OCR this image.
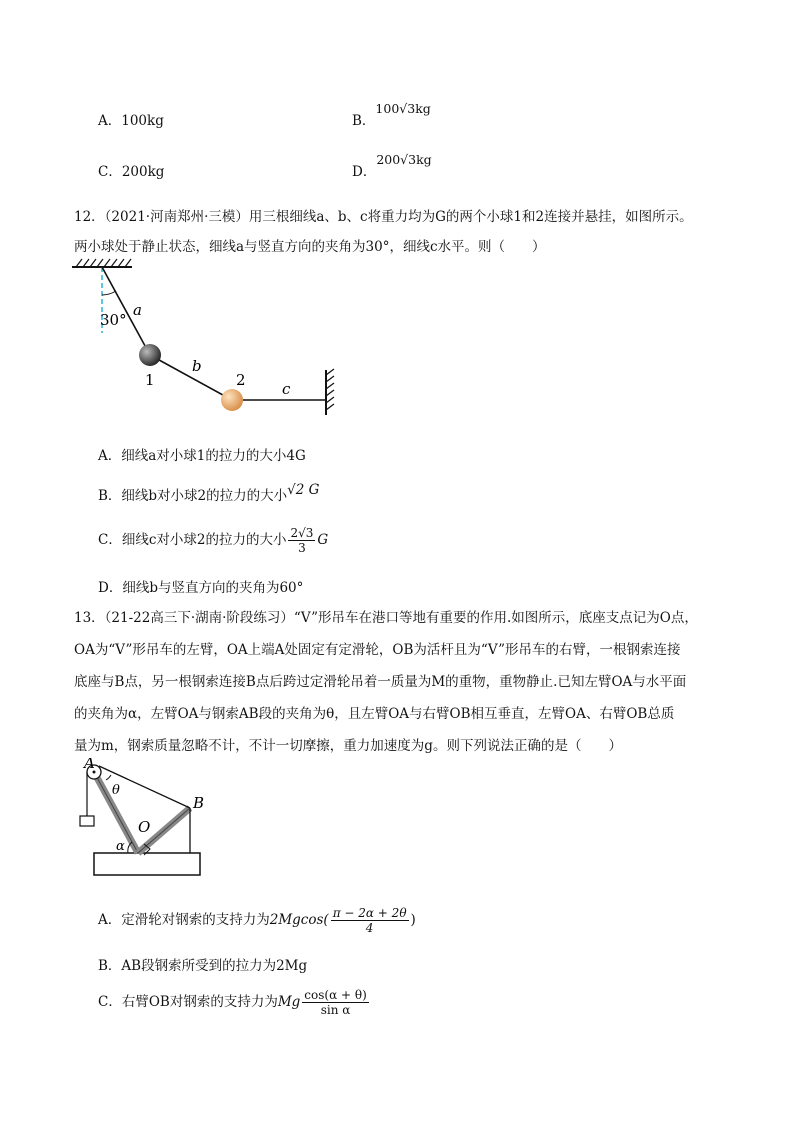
A．100kg	B．100√3kg
C．200kg	D．200√3kg
12．（2021·河南郑州·三模）用三根细线a、b、c将重力均为G的两个小球1和2连接并悬挂，如图所示。
两小球处于静止状态，细线a与竖直方向的夹角为30°，细线c水平。则（　　）
30°
a
b
c
1	2
A．细线a对小球1的拉力的大小4G
B．细线b对小球2的拉力的大小√2 G
C．细线c对小球2的拉力的大小 $\frac{2√3}{3}$ G
D．细线b与竖直方向的夹角为60°
13．（21-22高三下·湖南·阶段练习）“V”形吊车在港口等地有重要的作用.如图所示，底座支点记为O点，
OA为“V”形吊车的左臂，OA上端A处固定有定滑轮，OB为活杆且为“V”形吊车的右臂，一根钢索连接
底座与B点，另一根钢索连接B点后跨过定滑轮吊着一质量为M的重物，重物静止.已知左臂OA与水平面
的夹角为α，左臂OA与钢索AB段的夹角为θ，且左臂OA与右臂OB相互垂直，左臂OA、右臂OB总质
量为m，钢索质量忽略不计，不计一切摩擦，重力加速度为g。则下列说法正确的是（　　）
A
B
O
θ
α
A．定滑轮对钢索的支持力为$2Mgcos( \frac{\pi - 2\alpha + 2\theta}{4}$ )
B．AB段钢索所受到的拉力为2Mg
C．右臂OB对钢索的支持力为Mg $\frac{\cos(\alpha + \theta)}{\text{sin α}}$
